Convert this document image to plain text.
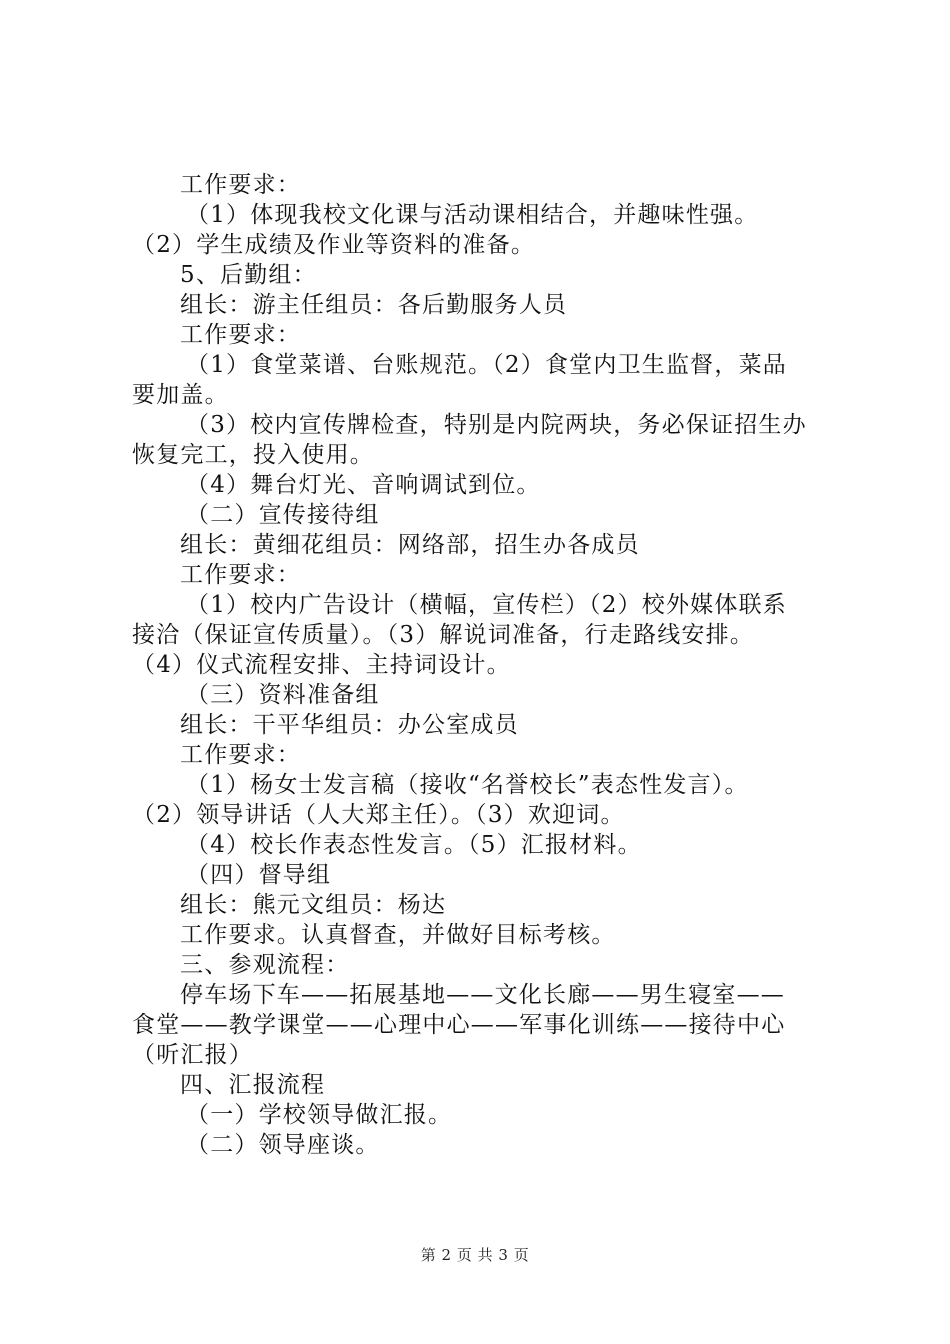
工作要求：
（1）体现我校文化课与活动课相结合，并趣味性强。
（2）学生成绩及作业等资料的准备。
5、后勤组：
组长：游主任组员：各后勤服务人员
工作要求：
（1）食堂菜谱、台账规范。（2）食堂内卫生监督，菜品
要加盖。
（3）校内宣传牌检查，特别是内院两块，务必保证招生办
恢复完工，投入使用。
（4）舞台灯光、音响调试到位。
（二）宣传接待组
组长：黄细花组员：网络部，招生办各成员
工作要求：
（1）校内广告设计（横幅，宣传栏）（2）校外媒体联系
接洽（保证宣传质量）。（3）解说词准备，行走路线安排。
（4）仪式流程安排、主持词设计。
（三）资料准备组
组长：干平华组员：办公室成员
工作要求：
（1）杨女士发言稿（接收“名誉校长”表态性发言）。
（2）领导讲话（人大郑主任）。（3）欢迎词。
（4）校长作表态性发言。（5）汇报材料。
（四）督导组
组长：熊元文组员：杨达
工作要求。认真督查，并做好目标考核。
三、参观流程：
停车场下车——拓展基地——文化长廊——男生寝室——
食堂——教学课堂——心理中心——军事化训练——接待中心
（听汇报）
四、汇报流程
（一）学校领导做汇报。
（二）领导座谈。
第 2 页 共 3 页
